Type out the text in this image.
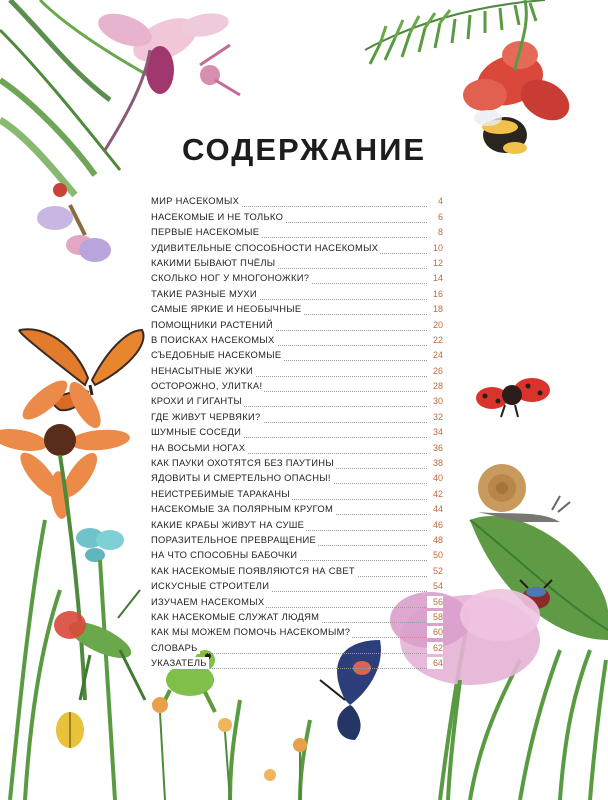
СОДЕРЖАНИЕ
МИР НАСЕКОМЫХ	4
НАСЕКОМЫЕ И НЕ ТОЛЬКО	6
ПЕРВЫЕ НАСЕКОМЫЕ	8
УДИВИТЕЛЬНЫЕ СПОСОБНОСТИ НАСЕКОМЫХ	10
КАКИМИ БЫВАЮТ ПЧЁЛЫ	12
СКОЛЬКО НОГ У МНОГОНОЖКИ?	14
ТАКИЕ РАЗНЫЕ МУХИ	16
САМЫЕ ЯРКИЕ И НЕОБЫЧНЫЕ	18
ПОМОЩНИКИ РАСТЕНИЙ	20
В ПОИСКАХ НАСЕКОМЫХ	22
СЪЕДОБНЫЕ НАСЕКОМЫЕ	24
НЕНАСЫТНЫЕ ЖУКИ	26
ОСТОРОЖНО, УЛИТКА!	28
КРОХИ И ГИГАНТЫ	30
ГДЕ ЖИВУТ ЧЕРВЯКИ?	32
ШУМНЫЕ СОСЕДИ	34
НА ВОСЬМИ НОГАХ	36
КАК ПАУКИ ОХОТЯТСЯ БЕЗ ПАУТИНЫ	38
ЯДОВИТЫ И СМЕРТЕЛЬНО ОПАСНЫ!	40
НЕИСТРЕБИМЫЕ ТАРАКАНЫ	42
НАСЕКОМЫЕ ЗА ПОЛЯРНЫМ КРУГОМ	44
КАКИЕ КРАБЫ ЖИВУТ НА СУШЕ	46
ПОРАЗИТЕЛЬНОЕ ПРЕВРАЩЕНИЕ	48
НА ЧТО СПОСОБНЫ БАБОЧКИ	50
КАК НАСЕКОМЫЕ ПОЯВЛЯЮТСЯ НА СВЕТ	52
ИСКУСНЫЕ СТРОИТЕЛИ	54
ИЗУЧАЕМ НАСЕКОМЫХ	56
КАК НАСЕКОМЫЕ СЛУЖАТ ЛЮДЯМ	58
КАК МЫ МОЖЕМ ПОМОЧЬ НАСЕКОМЫМ?	60
СЛОВАРЬ	62
УКАЗАТЕЛЬ	64
